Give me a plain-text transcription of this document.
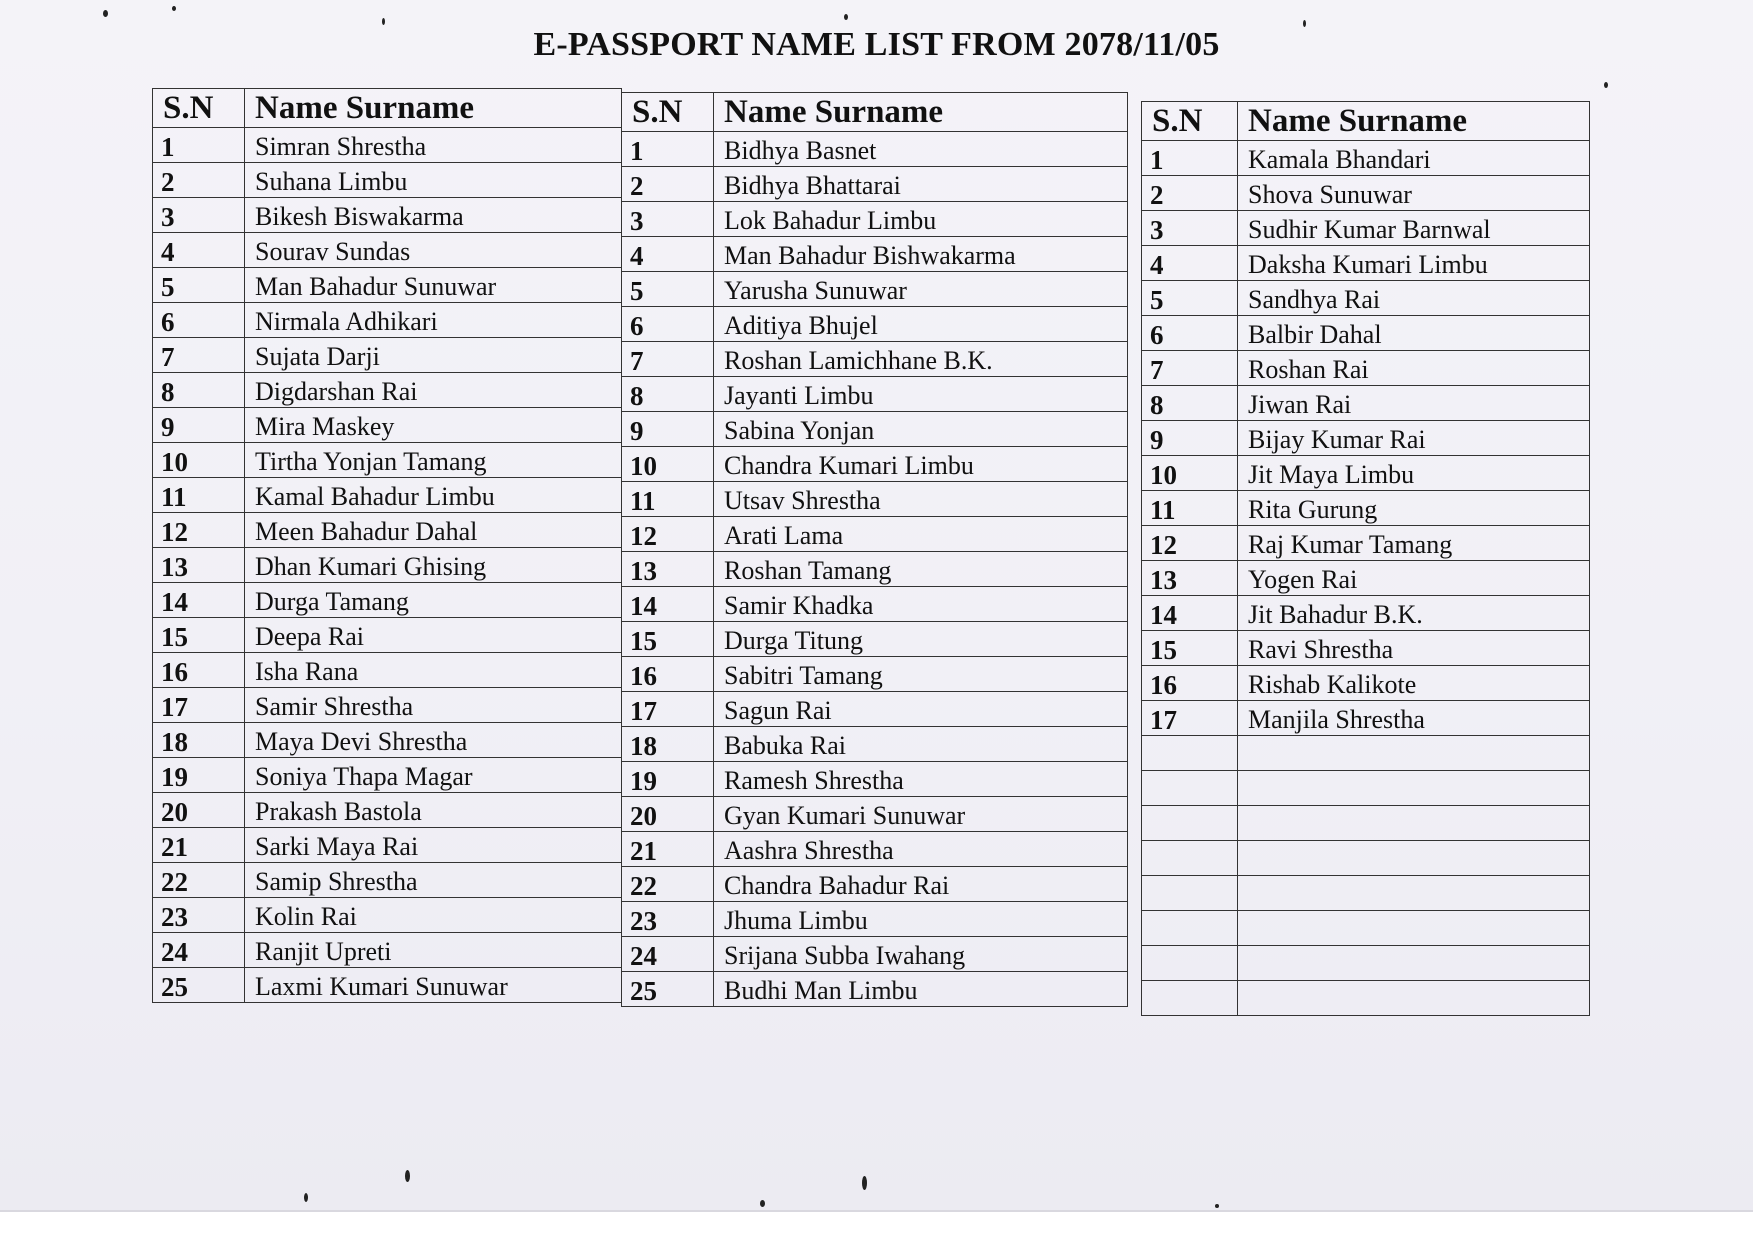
E-PASSPORT NAME LIST FROM 2078/11/05
S.N	Name Surname
1	Simran Shrestha
2	Suhana Limbu
3	Bikesh Biswakarma
4	Sourav Sundas
5	Man Bahadur Sunuwar
6	Nirmala Adhikari
7	Sujata Darji
8	Digdarshan Rai
9	Mira Maskey
10	Tirtha Yonjan Tamang
11	Kamal Bahadur Limbu
12	Meen Bahadur Dahal
13	Dhan Kumari Ghising
14	Durga Tamang
15	Deepa Rai
16	Isha Rana
17	Samir Shrestha
18	Maya Devi Shrestha
19	Soniya Thapa Magar
20	Prakash Bastola
21	Sarki Maya Rai
22	Samip Shrestha
23	Kolin Rai
24	Ranjit Upreti
25	Laxmi Kumari Sunuwar
S.N	Name Surname
1	Bidhya Basnet
2	Bidhya Bhattarai
3	Lok Bahadur Limbu
4	Man Bahadur Bishwakarma
5	Yarusha Sunuwar
6	Aditiya Bhujel
7	Roshan Lamichhane B.K.
8	Jayanti Limbu
9	Sabina Yonjan
10	Chandra Kumari Limbu
11	Utsav Shrestha
12	Arati Lama
13	Roshan Tamang
14	Samir Khadka
15	Durga Titung
16	Sabitri Tamang
17	Sagun Rai
18	Babuka Rai
19	Ramesh Shrestha
20	Gyan Kumari Sunuwar
21	Aashra Shrestha
22	Chandra Bahadur Rai
23	Jhuma Limbu
24	Srijana Subba Iwahang
25	Budhi Man Limbu
S.N	Name Surname
1	Kamala Bhandari
2	Shova Sunuwar
3	Sudhir Kumar Barnwal
4	Daksha Kumari Limbu
5	Sandhya Rai
6	Balbir Dahal
7	Roshan Rai
8	Jiwan Rai
9	Bijay Kumar Rai
10	Jit Maya Limbu
11	Rita Gurung
12	Raj Kumar Tamang
13	Yogen Rai
14	Jit Bahadur B.K.
15	Ravi Shrestha
16	Rishab Kalikote
17	Manjila Shrestha
